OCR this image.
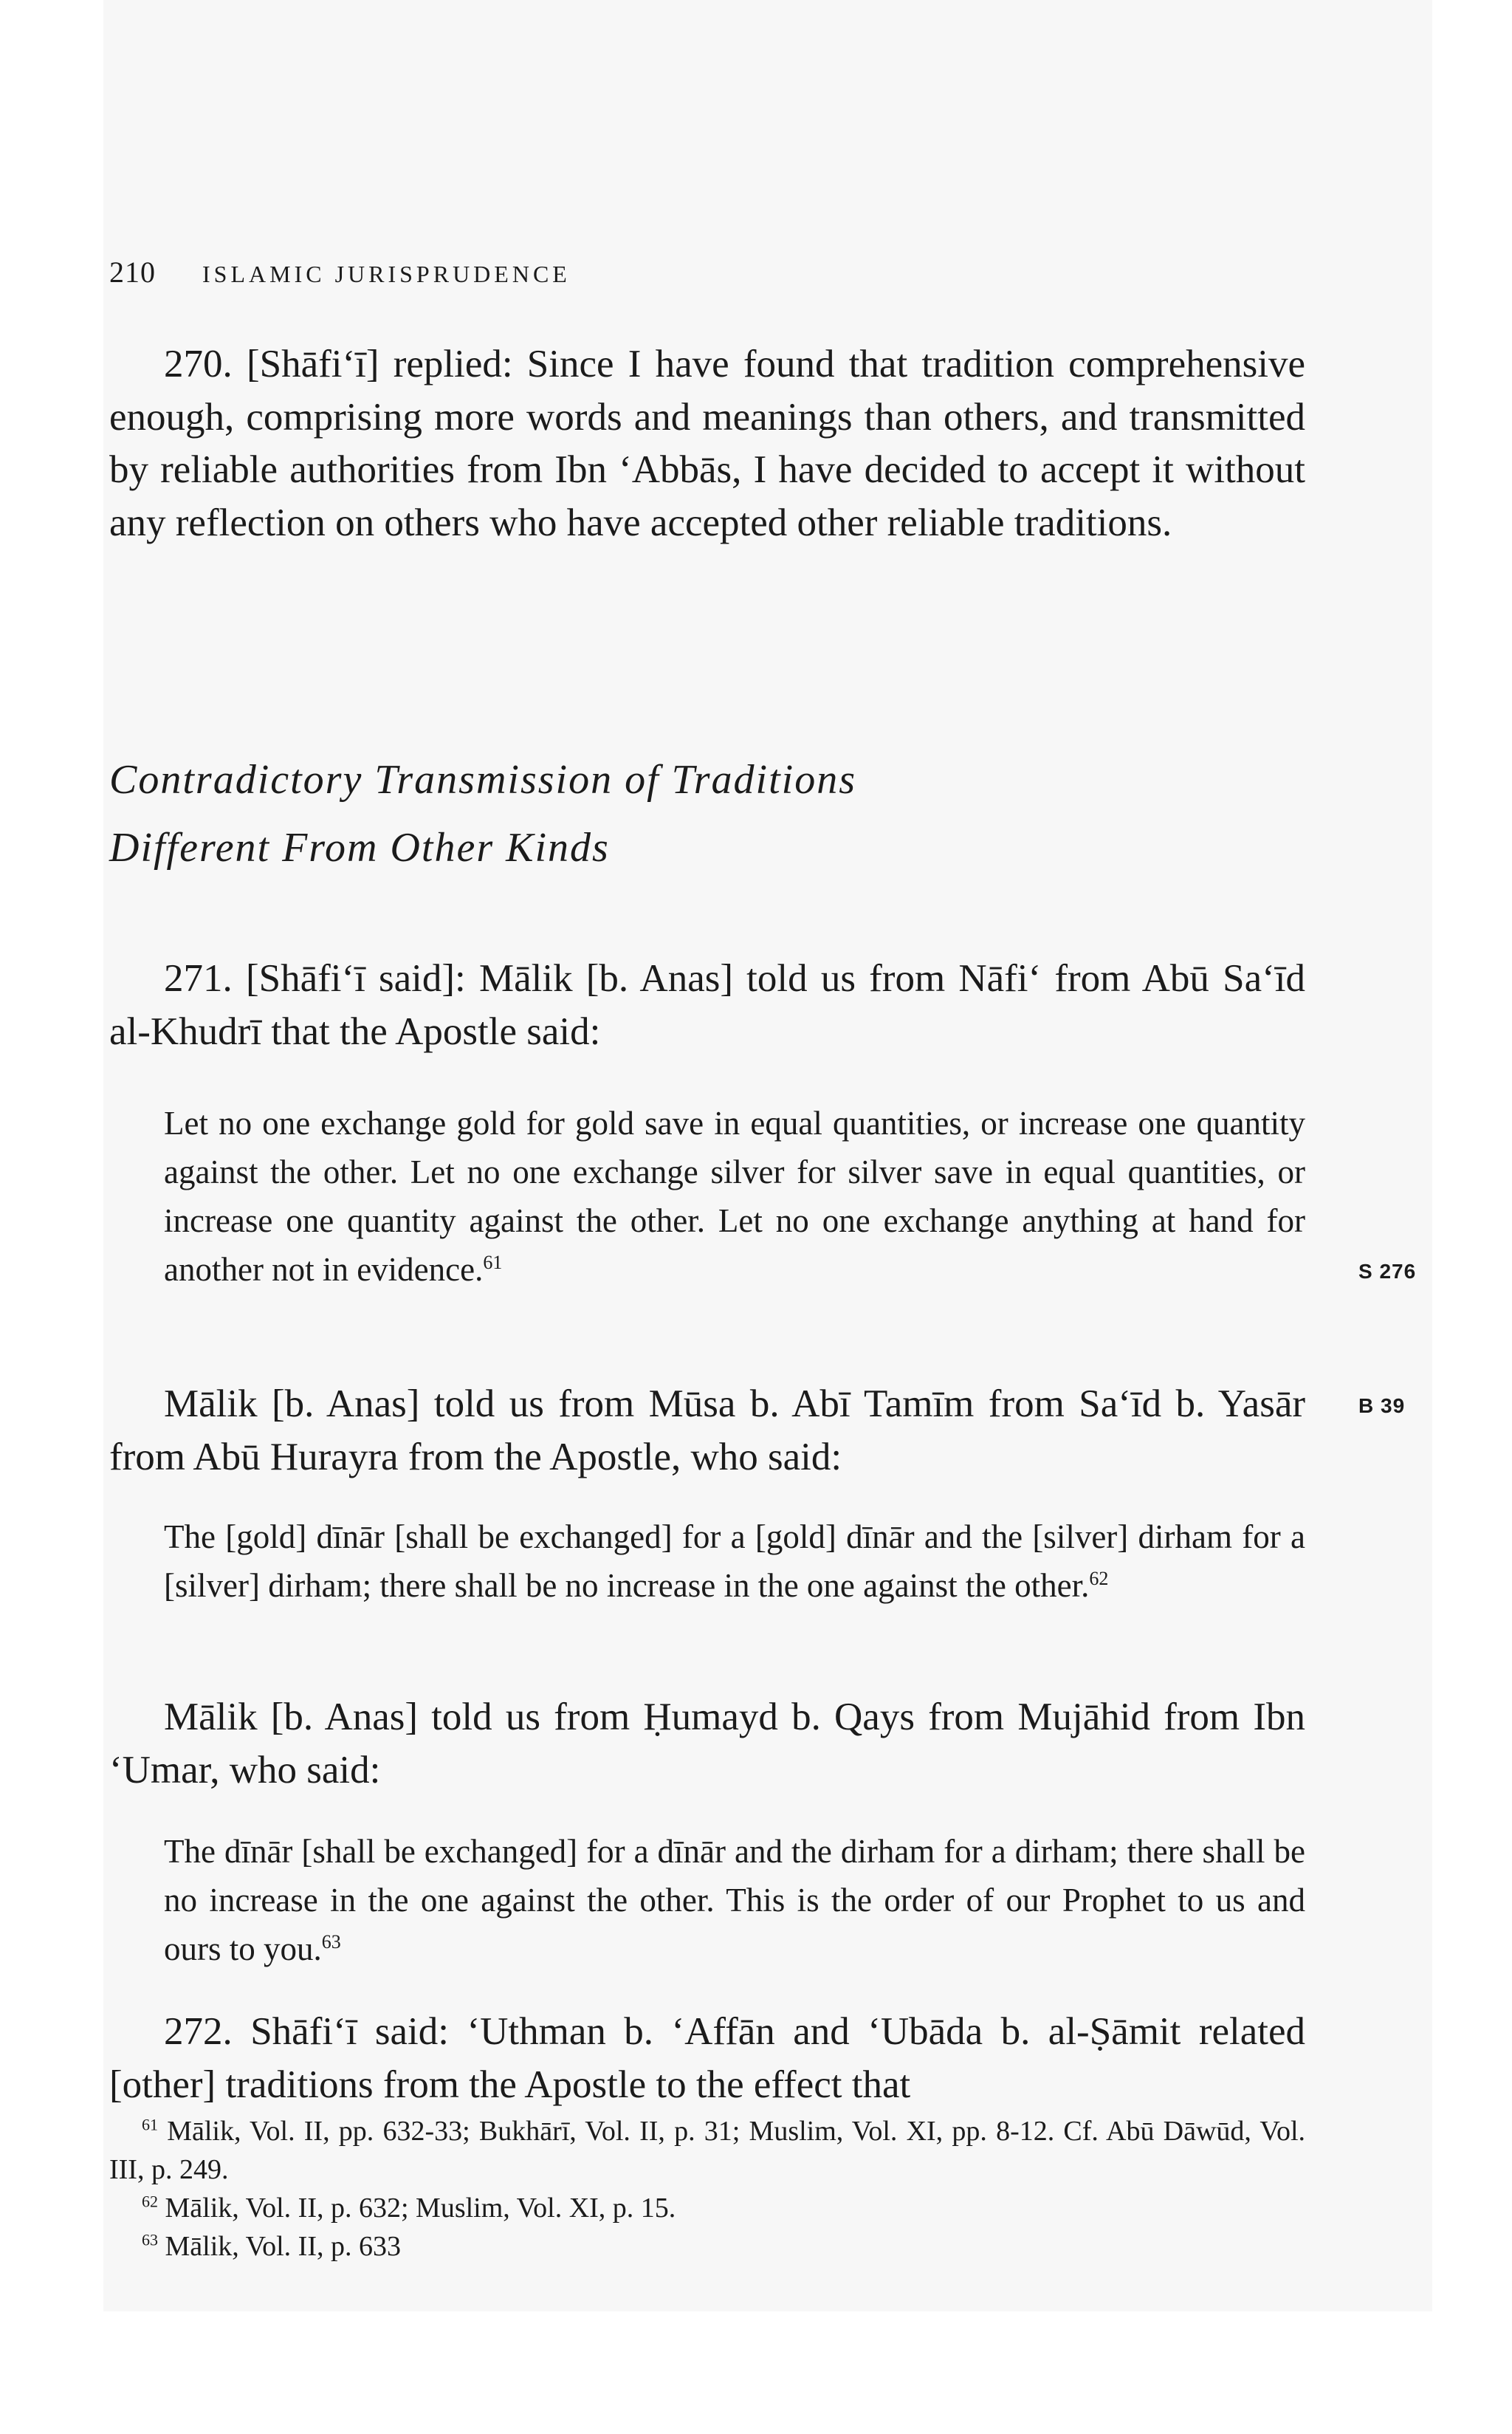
210 ISLAMIC JURISPRUDENCE

270. [Shāfi‘ī] replied: Since I have found that tradition comprehensive enough, comprising more words and meanings than others, and transmitted by reliable authorities from Ibn ‘Abbās, I have decided to accept it without any reflection on others who have accepted other reliable traditions.

Contradictory Transmission of Traditions
Different From Other Kinds

271. [Shāfi‘ī said]: Mālik [b. Anas] told us from Nāfi‘ from Abū Sa‘īd al-Khudrī that the Apostle said:

Let no one exchange gold for gold save in equal quantities, or increase one quantity against the other. Let no one exchange silver for silver save in equal quantities, or increase one quantity against the other. Let no one exchange anything at hand for another not in evidence.$^{61}$	S 276

Mālik [b. Anas] told us from Mūsa b. Abī Tamīm from Sa‘īd b. Yasār from Abū Hurayra from the Apostle, who said:

B 39
The [gold] dīnār [shall be exchanged] for a [gold] dīnār and the [silver] dirham for a [silver] dirham; there shall be no increase in the one against the other.$^{62}$

Mālik [b. Anas] told us from Ḥumayd b. Qays from Mujāhid from Ibn ‘Umar, who said:

The dīnār [shall be exchanged] for a dīnār and the dirham for a dirham; there shall be no increase in the one against the other. This is the order of our Prophet to us and ours to you.$^{63}$

272. Shāfi‘ī said: ‘Uthman b. ‘Affān and ‘Ubāda b. al-Ṣāmit related [other] traditions from the Apostle to the effect that

$^{61}$ Mālik, Vol. II, pp. 632-33; Bukhārī, Vol. II, p. 31; Muslim, Vol. XI, pp. 8-12. Cf. Abū Dāwūd, Vol. III, p. 249.

$^{62}$ Mālik, Vol. II, p. 632; Muslim, Vol. XI, p. 15.

$^{63}$ Mālik, Vol. II, p. 633
